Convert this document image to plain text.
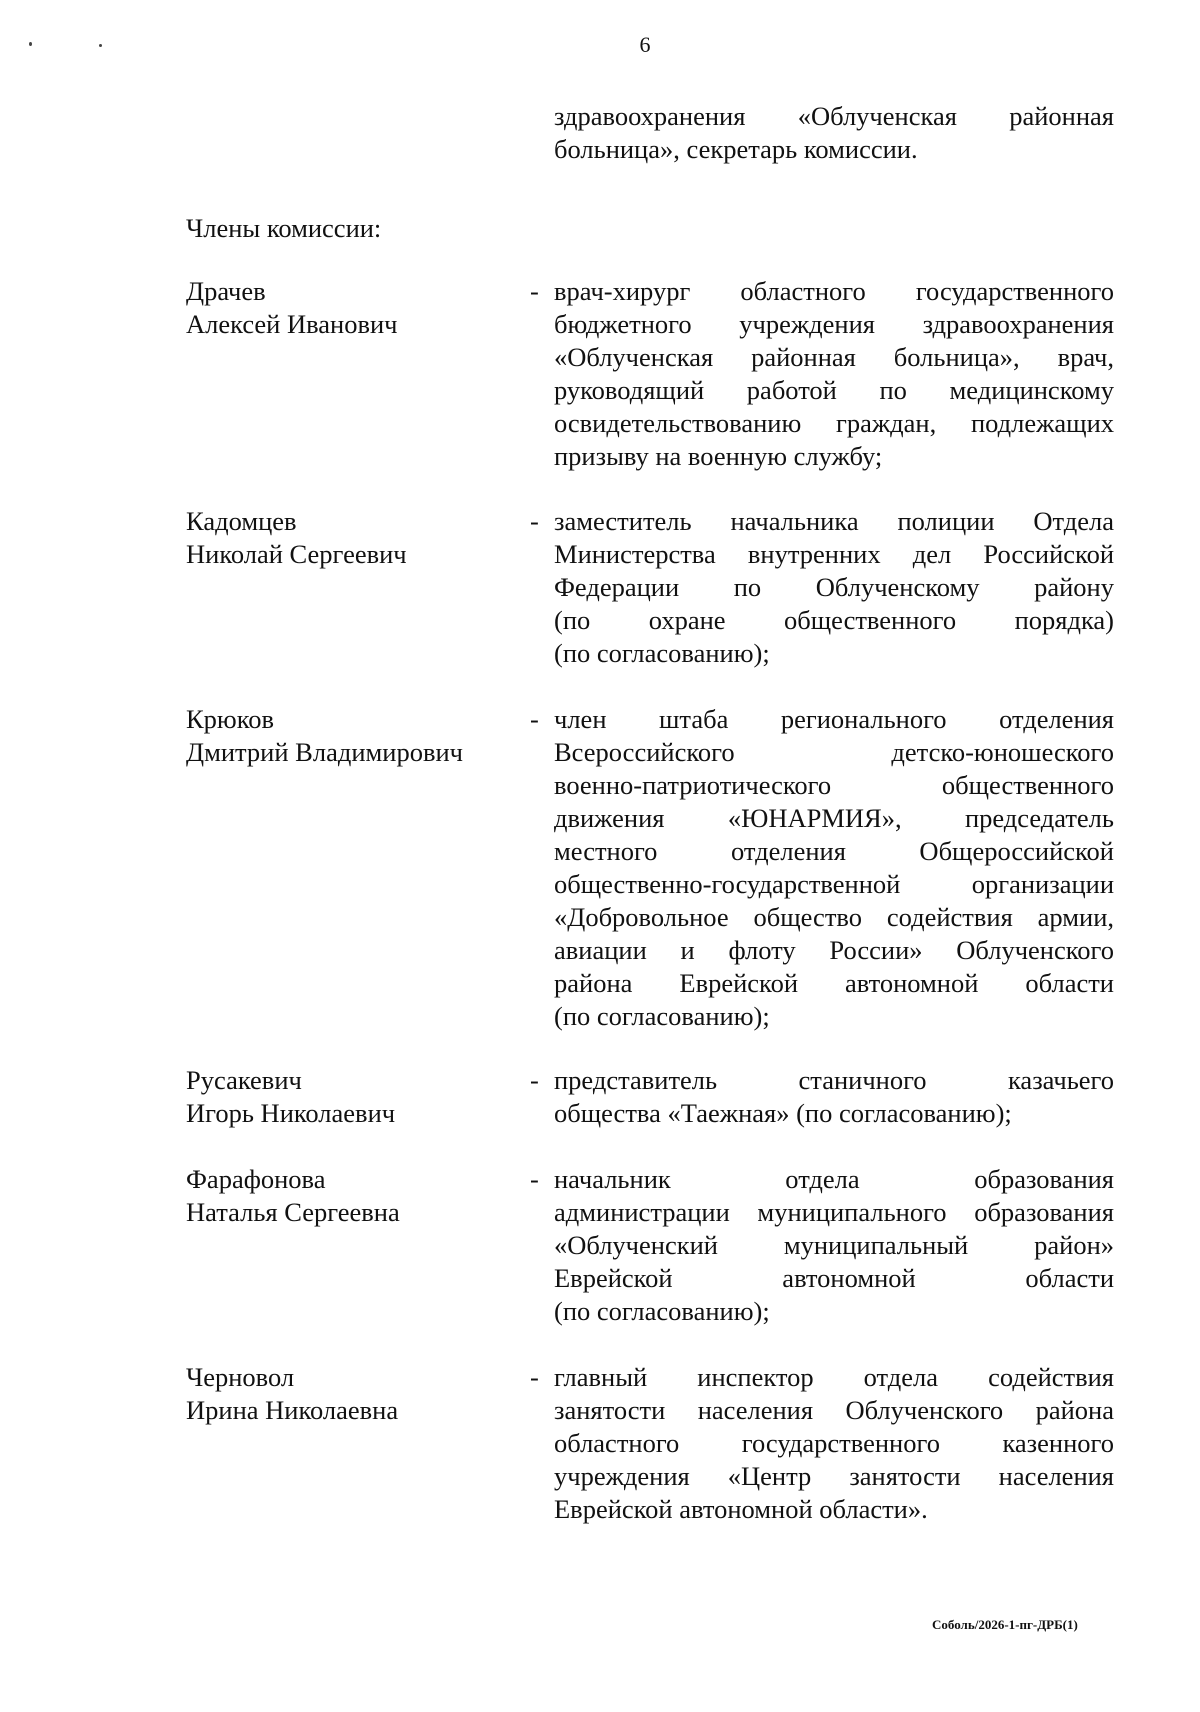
6
здравоохранения «Облученская районная
больница», секретарь комиссии.
Члены комиссии:
Драчев
Алексей Иванович
- врач-хирург областного государственного
бюджетного учреждения здравоохранения
«Облученская районная больница», врач,
руководящий работой по медицинскому
освидетельствованию граждан, подлежащих
призыву на военную службу;
Кадомцев
Николай Сергеевич
- заместитель начальника полиции Отдела
Министерства внутренних дел Российской
Федерации по Облученскому району
(по охране общественного порядка)
(по согласованию);
Крюков
Дмитрий Владимирович
- член штаба регионального отделения
Всероссийского детско-юношеского
военно-патриотического общественного
движения «ЮНАРМИЯ», председатель
местного отделения Общероссийской
общественно-государственной организации
«Добровольное общество содействия армии,
авиации и флоту России» Облученского
района Еврейской автономной области
(по согласованию);
Русакевич
Игорь Николаевич
- представитель станичного казачьего
общества «Таежная» (по согласованию);
Фарафонова
Наталья Сергеевна
- начальник отдела образования
администрации муниципального образования
«Облученский муниципальный район»
Еврейской автономной области
(по согласованию);
Черновол
Ирина Николаевна
- главный инспектор отдела содействия
занятости населения Облученского района
областного государственного казенного
учреждения «Центр занятости населения
Еврейской автономной области».
Соболь/2026-1-пг-ДРБ(1)
